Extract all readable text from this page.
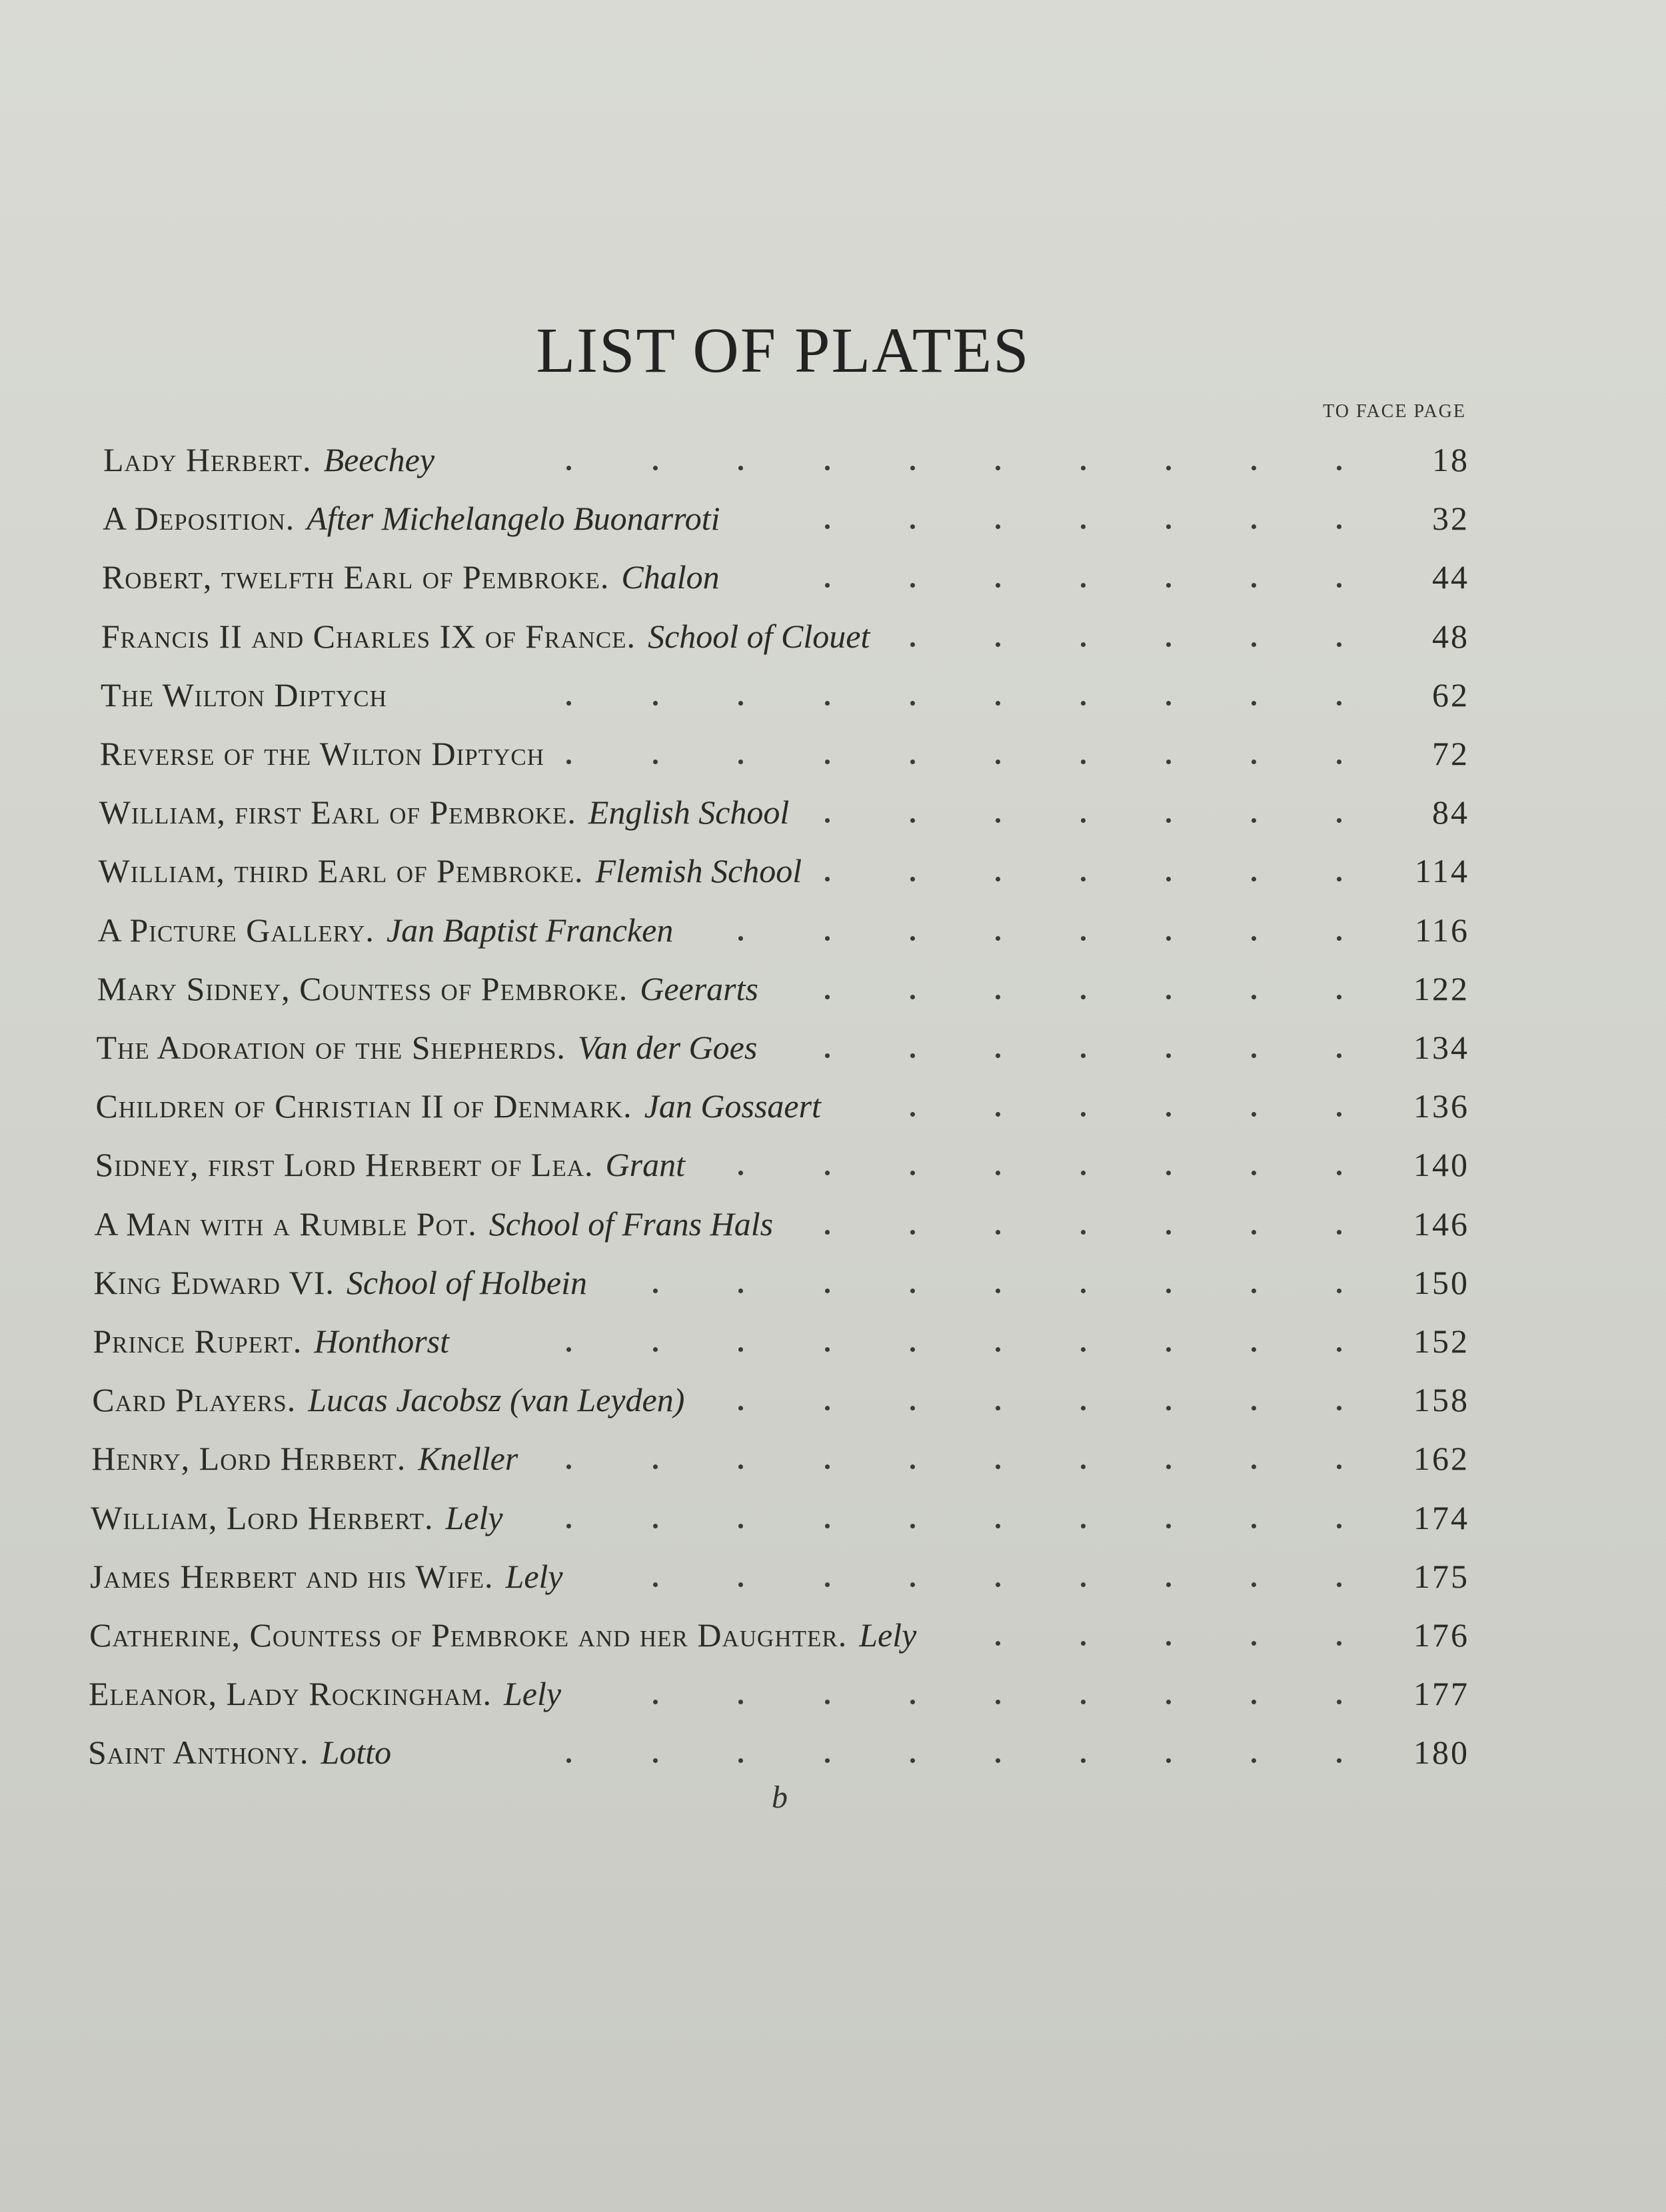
LIST OF PLATES
TO FACE PAGE
Lady Herbert. Beechey	18
A Deposition. After Michelangelo Buonarroti	32
Robert, twelfth Earl of Pembroke. Chalon	44
Francis II and Charles IX of France. School of Clouet	48
The Wilton Diptych	62
Reverse of the Wilton Diptych	72
William, first Earl of Pembroke. English School	84
William, third Earl of Pembroke. Flemish School	114
A Picture Gallery. Jan Baptist Francken	116
Mary Sidney, Countess of Pembroke. Geerarts	122
The Adoration of the Shepherds. Van der Goes	134
Children of Christian II of Denmark. Jan Gossaert	136
Sidney, first Lord Herbert of Lea. Grant	140
A Man with a Rumble Pot. School of Frans Hals	146
King Edward VI. School of Holbein	150
Prince Rupert. Honthorst	152
Card Players. Lucas Jacobsz (van Leyden)	158
Henry, Lord Herbert. Kneller	162
William, Lord Herbert. Lely	174
James Herbert and his Wife. Lely	175
Catherine, Countess of Pembroke and her Daughter. Lely	176
Eleanor, Lady Rockingham. Lely	177
Saint Anthony. Lotto	180
b
